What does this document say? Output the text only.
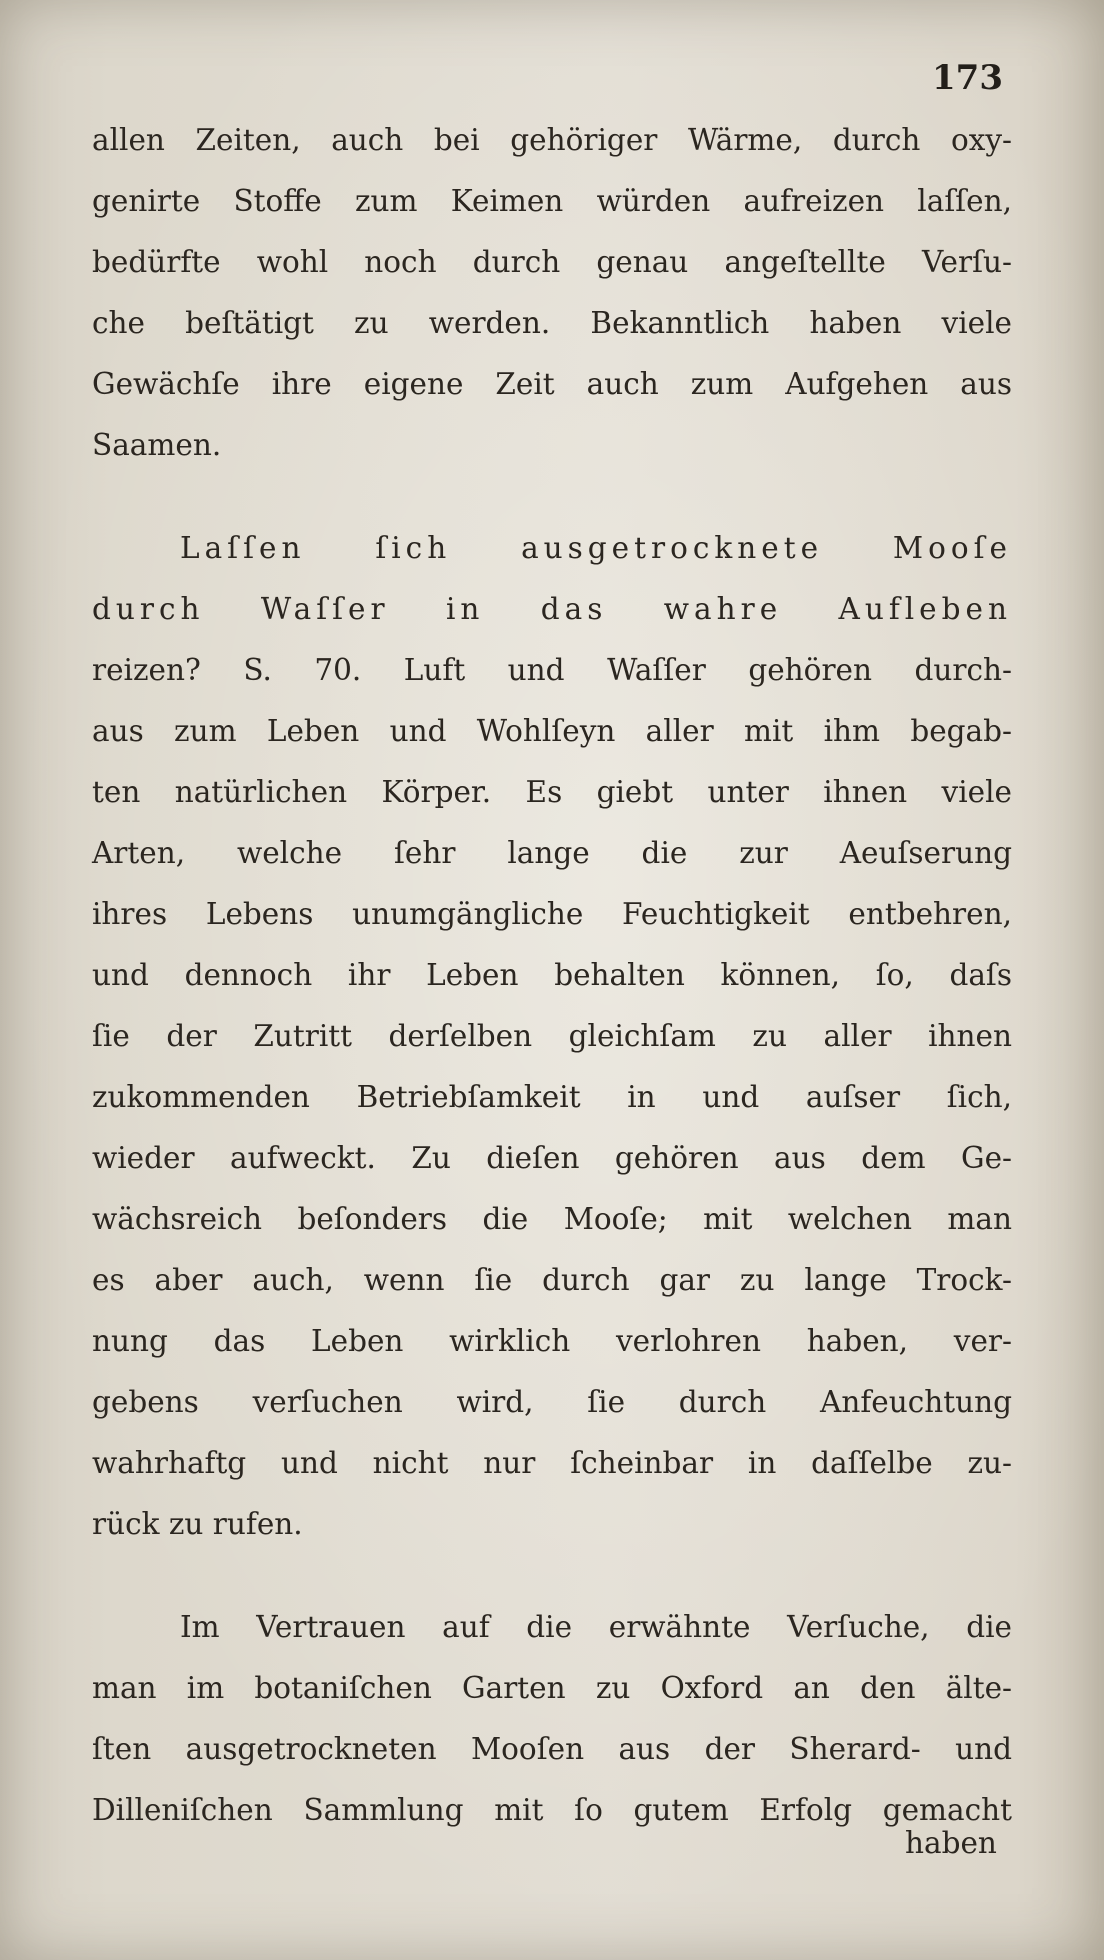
173
allen Zeiten, auch bei gehöriger Wärme, durch oxy-
genirte Stoffe zum Keimen würden aufreizen laſſen,
bedürfte wohl noch durch genau angeſtellte Verſu-
che beſtätigt zu werden. Bekanntlich haben viele
Gewächſe ihre eigene Zeit auch zum Aufgehen aus
Saamen.
Laſſen ſich ausgetrocknete Mooſe
durch Waſſer in das wahre Aufleben
reizen? S. 70. Luft und Waſſer gehören durch-
aus zum Leben und Wohlſeyn aller mit ihm begab-
ten natürlichen Körper. Es giebt unter ihnen viele
Arten, welche ſehr lange die zur Aeuſserung
ihres Lebens unumgängliche Feuchtigkeit entbehren,
und dennoch ihr Leben behalten können, ſo, daſs
ſie der Zutritt derſelben gleichſam zu aller ihnen
zukommenden Betriebſamkeit in und auſser ſich,
wieder aufweckt. Zu dieſen gehören aus dem Ge-
wächsreich beſonders die Mooſe; mit welchen man
es aber auch, wenn ſie durch gar zu lange Trock-
nung das Leben wirklich verlohren haben, ver-
gebens verſuchen wird, ſie durch Anfeuchtung
wahrhaftg und nicht nur ſcheinbar in daſſelbe zu-
rück zu rufen.
Im Vertrauen auf die erwähnte Verſuche, die
man im botaniſchen Garten zu Oxford an den älte-
ſten ausgetrockneten Mooſen aus der Sherard- und
Dilleniſchen Sammlung mit ſo gutem Erfolg gemacht
haben
